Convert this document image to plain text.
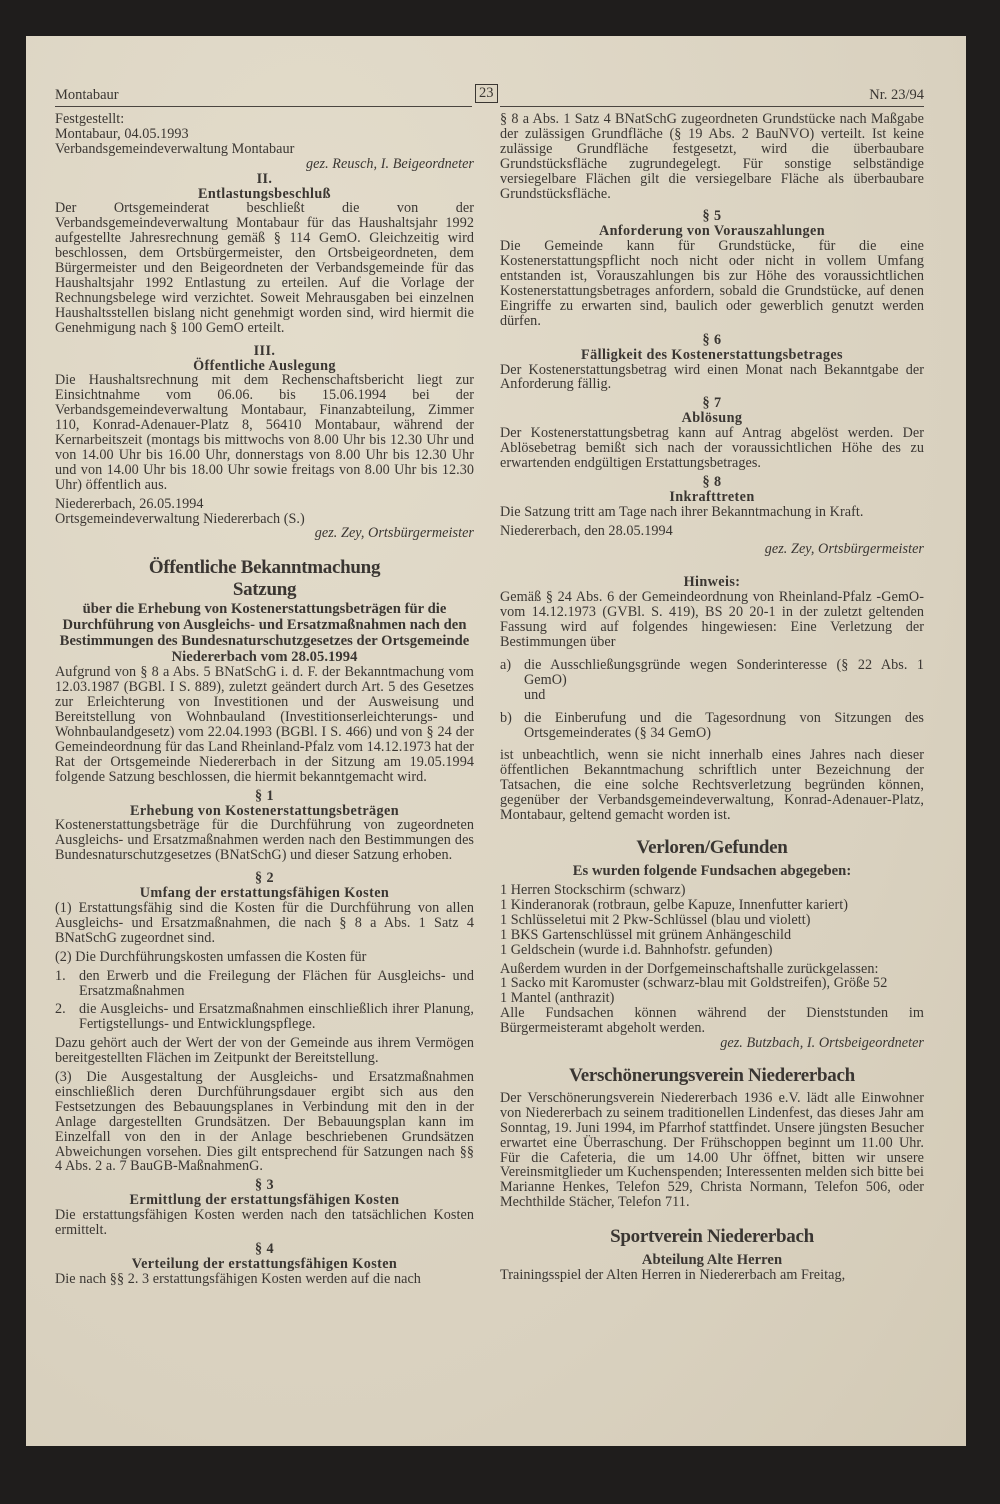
Montabaur	23	Nr. 23/94

Festgestellt:

Montabaur, 04.05.1993

Verbandsgemeindeverwaltung Montabaur

gez. Reusch, I. Beigeordneter

II.

Entlastungsbeschluß

Der Ortsgemeinderat beschließt die von der Verbandsgemeindeverwaltung Montabaur für das Haushaltsjahr 1992 aufgestellte Jahresrechnung gemäß § 114 GemO. Gleichzeitig wird beschlossen, dem Ortsbürgermeister, den Ortsbeigeordneten, dem Bürgermeister und den Beigeordneten der Verbandsgemeinde für das Haushaltsjahr 1992 Entlastung zu erteilen. Auf die Vorlage der Rechnungsbelege wird verzichtet. Soweit Mehrausgaben bei einzelnen Haushaltsstellen bislang nicht genehmigt worden sind, wird hiermit die Genehmigung nach § 100 GemO erteilt.

III.

Öffentliche Auslegung

Die Haushaltsrechnung mit dem Rechenschaftsbericht liegt zur Einsichtnahme vom 06.06. bis 15.06.1994 bei der Verbandsgemeindeverwaltung Montabaur, Finanzabteilung, Zimmer 110, Konrad-Adenauer-Platz 8, 56410 Montabaur, während der Kernarbeitszeit (montags bis mittwochs von 8.00 Uhr bis 12.30 Uhr und von 14.00 Uhr bis 16.00 Uhr, donnerstags von 8.00 Uhr bis 12.30 Uhr und von 14.00 Uhr bis 18.00 Uhr sowie freitags von 8.00 Uhr bis 12.30 Uhr) öffentlich aus.

Niedererbach, 26.05.1994

Ortsgemeindeverwaltung Niedererbach (S.)

gez. Zey, Ortsbürgermeister

Öffentliche Bekanntmachung

Satzung

über die Erhebung von Kostenerstattungsbeträgen für die Durchführung von Ausgleichs- und Ersatzmaßnahmen nach den Bestimmungen des Bundesnaturschutzgesetzes der Ortsgemeinde Niedererbach vom 28.05.1994

Aufgrund von § 8 a Abs. 5 BNatSchG i. d. F. der Bekanntmachung vom 12.03.1987 (BGBl. I S. 889), zuletzt geändert durch Art. 5 des Gesetzes zur Erleichterung von Investitionen und der Ausweisung und Bereitstellung von Wohnbauland (Investitionserleichterungs- und Wohnbaulandgesetz) vom 22.04.1993 (BGBl. I S. 466) und von § 24 der Gemeindeordnung für das Land Rheinland-Pfalz vom 14.12.1973 hat der Rat der Ortsgemeinde Niedererbach in der Sitzung am 19.05.1994 folgende Satzung beschlossen, die hiermit bekanntgemacht wird.

§ 1

Erhebung von Kostenerstattungsbeträgen

Kostenerstattungsbeträge für die Durchführung von zugeordneten Ausgleichs- und Ersatzmaßnahmen werden nach den Bestimmungen des Bundesnaturschutzgesetzes (BNatSchG) und dieser Satzung erhoben.

§ 2

Umfang der erstattungsfähigen Kosten

(1) Erstattungsfähig sind die Kosten für die Durchführung von allen Ausgleichs- und Ersatzmaßnahmen, die nach § 8 a Abs. 1 Satz 4 BNatSchG zugeordnet sind.

(2) Die Durchführungskosten umfassen die Kosten für

1. den Erwerb und die Freilegung der Flächen für Ausgleichs- und Ersatzmaßnahmen
2. die Ausgleichs- und Ersatzmaßnahmen einschließlich ihrer Planung, Fertigstellungs- und Entwicklungspflege.

Dazu gehört auch der Wert der von der Gemeinde aus ihrem Vermögen bereitgestellten Flächen im Zeitpunkt der Bereitstellung.

(3) Die Ausgestaltung der Ausgleichs- und Ersatzmaßnahmen einschließlich deren Durchführungsdauer ergibt sich aus den Festsetzungen des Bebauungsplanes in Verbindung mit den in der Anlage dargestellten Grundsätzen. Der Bebauungsplan kann im Einzelfall von den in der Anlage beschriebenen Grundsätzen Abweichungen vorsehen. Dies gilt entsprechend für Satzungen nach §§ 4 Abs. 2 a. 7 BauGB-MaßnahmenG.

§ 3

Ermittlung der erstattungsfähigen Kosten

Die erstattungsfähigen Kosten werden nach den tatsächlichen Kosten ermittelt.

§ 4

Verteilung der erstattungsfähigen Kosten

Die nach §§ 2. 3 erstattungsfähigen Kosten werden auf die nach

§ 8 a Abs. 1 Satz 4 BNatSchG zugeordneten Grundstücke nach Maßgabe der zulässigen Grundfläche (§ 19 Abs. 2 BauNVO) verteilt. Ist keine zulässige Grundfläche festgesetzt, wird die überbaubare Grundstücksfläche zugrundegelegt. Für sonstige selbständige versiegelbare Flächen gilt die versiegelbare Fläche als überbaubare Grundstücksfläche.

§ 5

Anforderung von Vorauszahlungen

Die Gemeinde kann für Grundstücke, für die eine Kostenerstattungspflicht noch nicht oder nicht in vollem Umfang entstanden ist, Vorauszahlungen bis zur Höhe des voraussichtlichen Kostenerstattungsbetrages anfordern, sobald die Grundstücke, auf denen Eingriffe zu erwarten sind, baulich oder gewerblich genutzt werden dürfen.

§ 6

Fälligkeit des Kostenerstattungsbetrages

Der Kostenerstattungsbetrag wird einen Monat nach Bekanntgabe der Anforderung fällig.

§ 7

Ablösung

Der Kostenerstattungsbetrag kann auf Antrag abgelöst werden. Der Ablösebetrag bemißt sich nach der voraussichtlichen Höhe des zu erwartenden endgültigen Erstattungsbetrages.

§ 8

Inkrafttreten

Die Satzung tritt am Tage nach ihrer Bekanntmachung in Kraft.

Niedererbach, den 28.05.1994

gez. Zey, Ortsbürgermeister

Hinweis:

Gemäß § 24 Abs. 6 der Gemeindeordnung von Rheinland-Pfalz -GemO- vom 14.12.1973 (GVBl. S. 419), BS 20 20-1 in der zuletzt geltenden Fassung wird auf folgendes hingewiesen: Eine Verletzung der Bestimmungen über

a) die Ausschließungsgründe wegen Sonderinteresse (§ 22 Abs. 1 GemO)
und
b) die Einberufung und die Tagesordnung von Sitzungen des Ortsgemeinderates (§ 34 GemO)

ist unbeachtlich, wenn sie nicht innerhalb eines Jahres nach dieser öffentlichen Bekanntmachung schriftlich unter Bezeichnung der Tatsachen, die eine solche Rechtsverletzung begründen können, gegenüber der Verbandsgemeindeverwaltung, Konrad-Adenauer-Platz, Montabaur, geltend gemacht worden ist.

Verloren/Gefunden

Es wurden folgende Fundsachen abgegeben:

1 Herren Stockschirm (schwarz)

1 Kinderanorak (rotbraun, gelbe Kapuze, Innenfutter kariert)

1 Schlüsseletui mit 2 Pkw-Schlüssel (blau und violett)

1 BKS Gartenschlüssel mit grünem Anhängeschild

1 Geldschein (wurde i.d. Bahnhofstr. gefunden)

Außerdem wurden in der Dorfgemeinschaftshalle zurückgelassen:

1 Sacko mit Karomuster (schwarz-blau mit Goldstreifen), Größe 52

1 Mantel (anthrazit)

Alle Fundsachen können während der Dienststunden im Bürgermeisteramt abgeholt werden.

gez. Butzbach, I. Ortsbeigeordneter

Verschönerungsverein Niedererbach

Der Verschönerungsverein Niedererbach 1936 e.V. lädt alle Einwohner von Niedererbach zu seinem traditionellen Lindenfest, das dieses Jahr am Sonntag, 19. Juni 1994, im Pfarrhof stattfindet. Unsere jüngsten Besucher erwartet eine Überraschung. Der Frühschoppen beginnt um 11.00 Uhr. Für die Cafeteria, die um 14.00 Uhr öffnet, bitten wir unsere Vereinsmitglieder um Kuchenspenden; Interessenten melden sich bitte bei Marianne Henkes, Telefon 529, Christa Normann, Telefon 506, oder Mechthilde Stächer, Telefon 711.

Sportverein Niedererbach

Abteilung Alte Herren

Trainingsspiel der Alten Herren in Niedererbach am Freitag,
